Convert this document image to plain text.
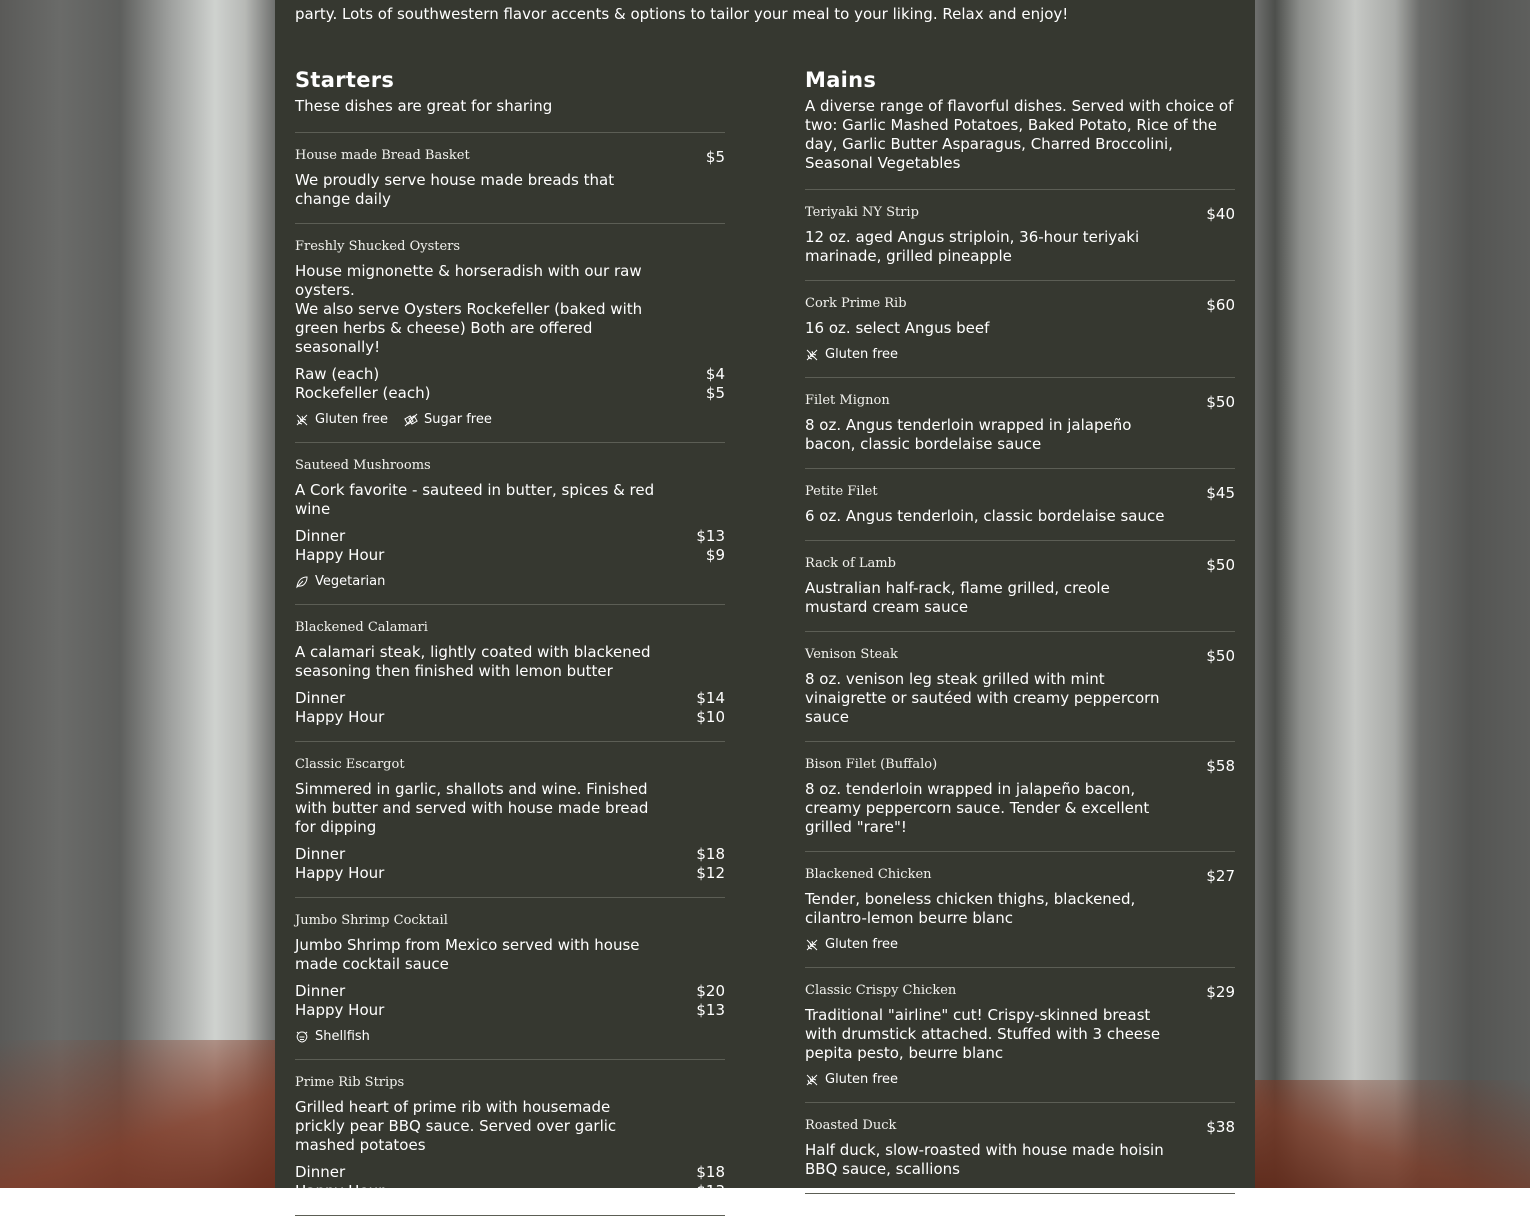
party. Lots of southwestern flavor accents & options to tailor your meal to your liking. Relax and enjoy!
Starters
These dishes are great for sharing
House made Bread Basket	$5
We proudly serve house made breads that change daily
Freshly Shucked Oysters
House mignonette & horseradish with our raw oysters.
We also serve Oysters Rockefeller (baked with green herbs & cheese) Both are offered seasonally!
Raw (each)	$4
Rockefeller (each)	$5
Gluten free	Sugar free
Sauteed Mushrooms
A Cork favorite - sauteed in butter, spices & red wine
Dinner	$13
Happy Hour	$9
Vegetarian
Blackened Calamari
A calamari steak, lightly coated with blackened seasoning then finished with lemon butter
Dinner	$14
Happy Hour	$10
Classic Escargot
Simmered in garlic, shallots and wine. Finished with butter and served with house made bread for dipping
Dinner	$18
Happy Hour	$12
Jumbo Shrimp Cocktail
Jumbo Shrimp from Mexico served with house made cocktail sauce
Dinner	$20
Happy Hour	$13
Shellfish
Prime Rib Strips
Grilled heart of prime rib with housemade prickly pear BBQ sauce. Served over garlic mashed potatoes
Dinner	$18
Happy Hour	$13
Mains
A diverse range of flavorful dishes. Served with choice of two: Garlic Mashed Potatoes, Baked Potato, Rice of the day, Garlic Butter Asparagus, Charred Broccolini, Seasonal Vegetables
Teriyaki NY Strip	$40
12 oz. aged Angus striploin, 36-hour teriyaki marinade, grilled pineapple
Cork Prime Rib	$60
16 oz. select Angus beef
Gluten free
Filet Mignon	$50
8 oz. Angus tenderloin wrapped in jalapeño bacon, classic bordelaise sauce
Petite Filet	$45
6 oz. Angus tenderloin, classic bordelaise sauce
Rack of Lamb	$50
Australian half-rack, flame grilled, creole mustard cream sauce
Venison Steak	$50
8 oz. venison leg steak grilled with mint vinaigrette or sautéed with creamy peppercorn sauce
Bison Filet (Buffalo)	$58
8 oz. tenderloin wrapped in jalapeño bacon, creamy peppercorn sauce. Tender & excellent grilled "rare"!
Blackened Chicken	$27
Tender, boneless chicken thighs, blackened, cilantro-lemon beurre blanc
Gluten free
Classic Crispy Chicken	$29
Traditional "airline" cut! Crispy-skinned breast with drumstick attached. Stuffed with 3 cheese pepita pesto, beurre blanc
Gluten free
Roasted Duck	$38
Half duck, slow-roasted with house made hoisin BBQ sauce, scallions
